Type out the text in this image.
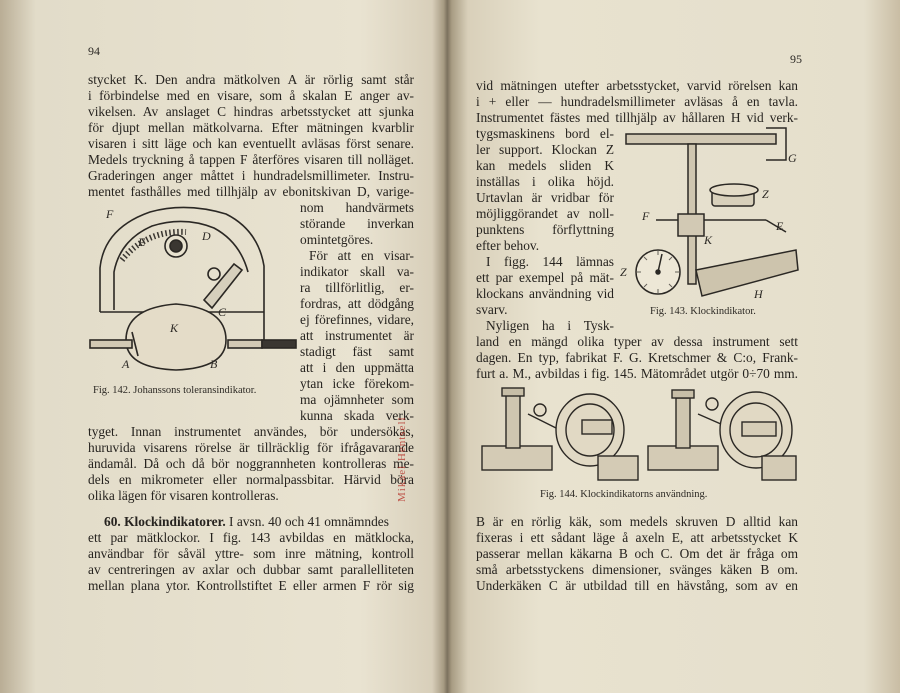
94
stycket K. Den andra mätkolven A är rörlig samt står
i förbindelse med en visare, som å skalan E anger av-
vikelsen. Av anslaget C hindras arbetsstycket att sjunka
för djupt mellan mätkolvarna. Efter mätningen kvarblir
visaren i sitt läge och kan eventuellt avläsas först senare.
Medels tryckning å tappen F återföres visaren till nolläget.
Graderingen anger måttet i hundradelsmillimeter. Instru-
mentet fasthålles med tillhjälp av ebonitskivan D, varige-
F
E	D
C
K
A	B
Fig. 142. Johanssons toleransindikator.
nom handvärmets
störande inverkan
omintetgöres.
För att en visar-
indikator skall va-
ra tillförlitlig, er-
fordras, att dödgång
ej förefinnes, vidare,
att instrumentet är
stadigt fäst samt
att i den uppmätta
ytan icke förekom-
ma ojämnheter som
kunna skada verk-
tyget. Innan instrumentet användes, bör undersökas,
huruvida visarens rörelse är tillräcklig för ifrågavarande
ändamål. Då och då bör noggrannheten kontrolleras me-
dels en mikrometer eller normalpassbitar. Härvid böra
olika lägen för visaren kontrolleras.
60. Klockindikatorer. I avsn. 40 och 41 omnämndes
ett par mätklockor. I fig. 143 avbildas en mätklocka,
användbar för såväl yttre- som inre mätning, kontroll
av centreringen av axlar och dubbar samt parallelliteten
mellan plana ytor. Kontrollstiftet E eller armen F rör sig
Mikael Hentsell
95
vid mätningen utefter arbetsstycket, varvid rörelsen kan
i + eller — hundradelsmillimeter avläsas å en tavla.
Instrumentet fästes med tillhjälp av hållaren H vid verk-
tygsmaskinens bord el-
ler support. Klockan Z
kan medels sliden K
inställas i olika höjd.
Urtavlan är vridbar för
möjliggörandet av noll-
punktens förflyttning
efter behov.
I figg. 144 lämnas
ett par exempel på mät-
klockans användning vid
svarv.
Nyligen ha i Tysk-
G
Z
E
F
K
Z
H
Fig. 143. Klockindikator.
land en mängd olika typer av dessa instrument sett
dagen. En typ, fabrikat F. G. Kretschmer & C:o, Frank-
furt a. M., avbildas i fig. 145. Mätområdet utgör 0÷70 mm.
Fig. 144. Klockindikatorns användning.
B är en rörlig käk, som medels skruven D alltid kan
fixeras i ett sådant läge å axeln E, att arbetsstycket K
passerar mellan käkarna B och C. Om det är fråga om
små arbetsstyckens dimensioner, svänges käken B om.
Underkäken C är utbildad till en hävstång, som av en
